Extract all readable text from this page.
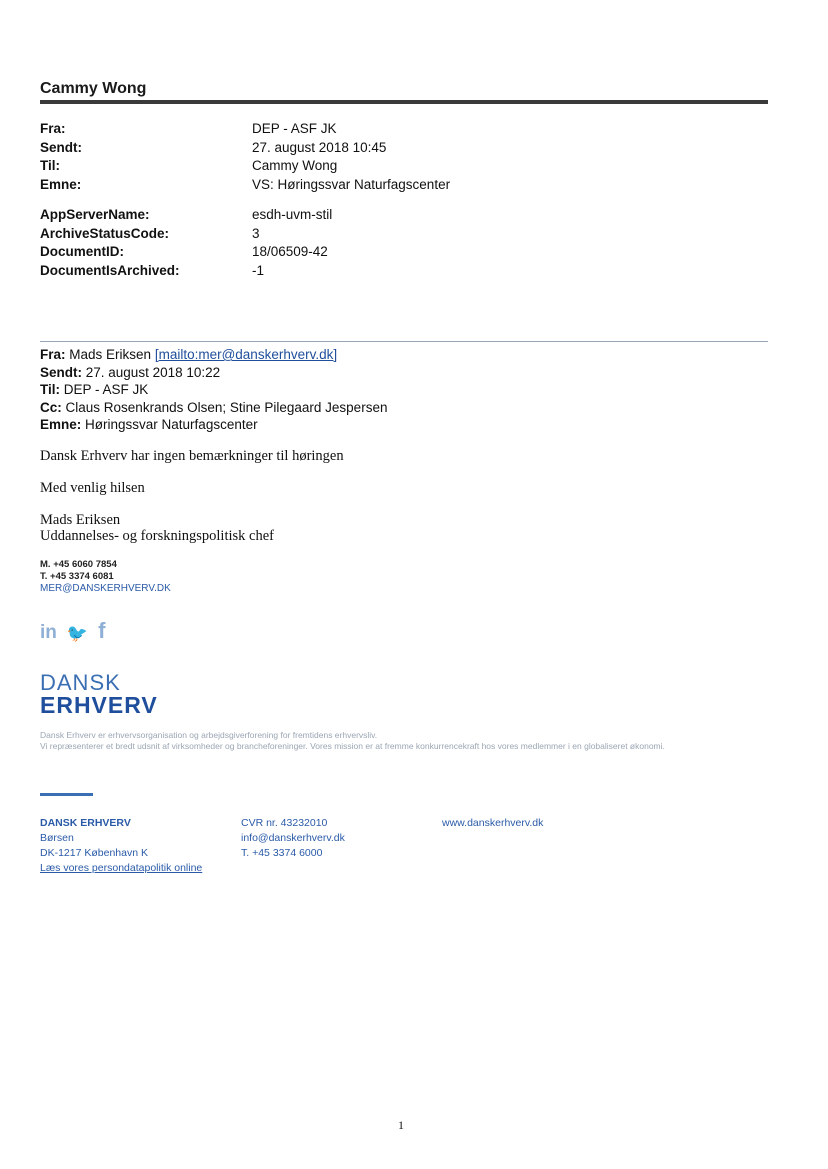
Cammy Wong
Fra:	DEP - ASF JK
Sendt:	27. august 2018 10:45
Til:	Cammy Wong
Emne:	VS: Høringssvar Naturfagscenter
AppServerName:	esdh-uvm-stil
ArchiveStatusCode:	3
DocumentID:	18/06509-42
DocumentIsArchived:	-1
Fra: Mads Eriksen [mailto:mer@danskerhverv.dk]
Sendt: 27. august 2018 10:22
Til: DEP - ASF JK
Cc: Claus Rosenkrands Olsen; Stine Pilegaard Jespersen
Emne: Høringssvar Naturfagscenter
Dansk Erhverv har ingen bemærkninger til høringen
Med venlig hilsen
Mads Eriksen
Uddannelses- og forskningspolitisk chef
M. +45 6060 7854
T. +45 3374 6081
MER@DANSKERHVERV.DK
in 🐦 f
DANSK
ERHVERV
Dansk Erhverv er erhvervsorganisation og arbejdsgiverforening for fremtidens erhvervsliv.
Vi repræsenterer et bredt udsnit af virksomheder og brancheforeninger. Vores mission er at fremme konkurrencekraft hos vores medlemmer i en globaliseret økonomi.
DANSK ERHVERV
Børsen
DK-1217 København K
Læs vores persondatapolitik online
CVR nr. 43232010
info@danskerhverv.dk
T. +45 3374 6000
www.danskerhverv.dk
1
